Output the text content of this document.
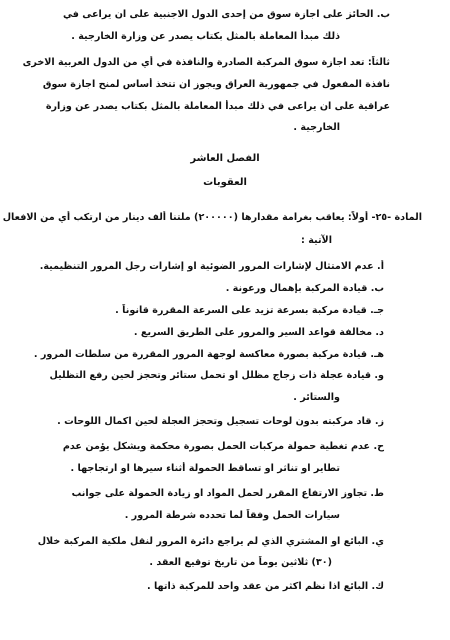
ب. الحائز على اجازة سوق من إحدى الدول الاجنبية على ان يراعى في
ذلك مبدأ المعاملة بالمثل بكتاب يصدر عن وزارة الخارجية .
ثالثاً: تعد اجازة سوق المركبة الصادرة والنافذة في أي من الدول العربية الاخرى
نافذة المفعول في جمهورية العراق ويجوز ان تتخذ أساس لمنح اجازة سوق
عراقية على ان يراعى في ذلك مبدأ المعاملة بالمثل بكتاب يصدر عن وزارة
الخارجية .
الفصل العاشر
العقوبات
المادة -٢٥- أولاً: يعاقب بغرامة مقدارها (٢٠٠٠٠٠) ملتنا ألف دينار من ارتكب أي من الافعال
الآتية :
أ. عدم الامتثال لإشارات المرور الضوئية او إشارات رجل المرور التنظيمية.
ب. قيادة المركبة بإهمال ورعونة .
جـ. قيادة مركبة بسرعة تزيد على السرعة المقررة قانوناً .
د. مخالفة قواعد السير والمرور على الطريق السريع .
هـ. قيادة مركبة بصورة معاكسة لوجهة المرور المقررة من سلطات المرور .
و. قيادة عجلة ذات زجاج مظلل او تحمل ستائر وتحجز لحين رفع التظليل
والستائر .
ز. قاد مركبته بدون لوحات تسجيل وتحجز العجلة لحين اكمال اللوحات .
ح. عدم تغطية حمولة مركبات الحمل بصورة محكمة ويشكل يؤمن عدم
تطاير او تناثر او تساقط الحمولة أثناء سيرها او ارتجاجها .
ط. تجاوز الارتفاع المقرر لحمل المواد او زيادة الحمولة على جوانب
سيارات الحمل وفقاً لما تحدده شرطة المرور .
ي. البائع او المشتري الذي لم يراجع دائرة المرور لنقل ملكية المركبة خلال
(٣٠) ثلاثين يوماً من تاريخ توقيع العقد .
ك. البائع اذا نظم اكثر من عقد واحد للمركبة ذاتها .
